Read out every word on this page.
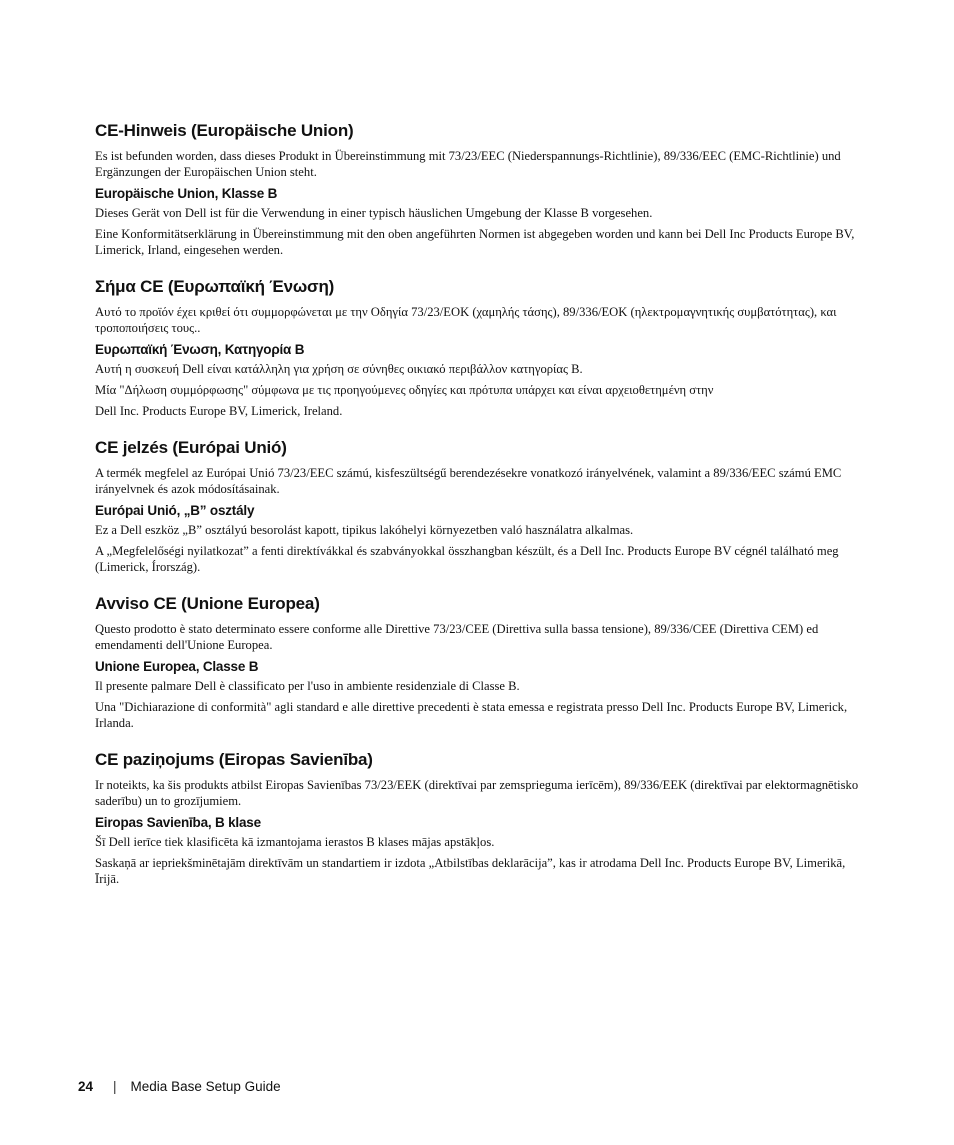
CE-Hinweis (Europäische Union)

Es ist befunden worden, dass dieses Produkt in Übereinstimmung mit 73/23/EEC (Niederspannungs-Richtlinie), 89/336/EEC (EMC-Richtlinie) und Ergänzungen der Europäischen Union steht.

Europäische Union, Klasse B

Dieses Gerät von Dell ist für die Verwendung in einer typisch häuslichen Umgebung der Klasse B vorgesehen.

Eine Konformitätserklärung in Übereinstimmung mit den oben angeführten Normen ist abgegeben worden und kann bei Dell Inc Products Europe BV, Limerick, Irland, eingesehen werden.

Σήμα CE (Ευρωπαϊκή Ένωση)

Αυτό το προϊόν έχει κριθεί ότι συμμορφώνεται με την Οδηγία 73/23/ΕΟΚ (χαμηλής τάσης), 89/336/ΕΟΚ (ηλεκτρομαγνητικής συμβατότητας), και τροποποιήσεις τους..

Ευρωπαϊκή Ένωση, Κατηγορία B

Αυτή η συσκευή Dell είναι κατάλληλη για χρήση σε σύνηθες οικιακό περιβάλλον κατηγορίας B.

Μία "Δήλωση συμμόρφωσης" σύμφωνα με τις προηγούμενες οδηγίες και πρότυπα υπάρχει και είναι αρχειοθετημένη στην

Dell Inc. Products Europe BV, Limerick, Ireland.

CE jelzés (Európai Unió)

A termék megfelel az Európai Unió 73/23/EEC számú, kisfeszültségű berendezésekre vonatkozó irányelvének, valamint a 89/336/EEC számú EMC irányelvnek és azok módosításainak.

Európai Unió, „B” osztály

Ez a Dell eszköz „B” osztályú besorolást kapott, tipikus lakóhelyi környezetben való használatra alkalmas.

A „Megfelelőségi nyilatkozat” a fenti direktívákkal és szabványokkal összhangban készült, és a Dell Inc. Products Europe BV cégnél található meg (Limerick, Írország).

Avviso CE (Unione Europea)

Questo prodotto è stato determinato essere conforme alle Direttive 73/23/CEE (Direttiva sulla bassa tensione), 89/336/CEE (Direttiva CEM) ed emendamenti dell'Unione Europea.

Unione Europea, Classe B

Il presente palmare Dell è classificato per l'uso in ambiente residenziale di Classe B.

Una "Dichiarazione di conformità" agli standard e alle direttive precedenti è stata emessa e registrata presso Dell Inc. Products Europe BV, Limerick, Irlanda.

CE paziņojums (Eiropas Savienība)

Ir noteikts, ka šis produkts atbilst Eiropas Savienības 73/23/EEK (direktīvai par zemsprieguma ierīcēm), 89/336/EEK (direktīvai par elektormagnētisko saderību) un to grozījumiem.

Eiropas Savienība, B klase

Šī Dell ierīce tiek klasificēta kā izmantojama ierastos B klases mājas apstākļos.

Saskaņā ar iepriekšminētajām direktīvām un standartiem ir izdota „Atbilstības deklarācija”, kas ir atrodama Dell Inc. Products Europe BV, Limerikā, Īrijā.

24 | Media Base Setup Guide
